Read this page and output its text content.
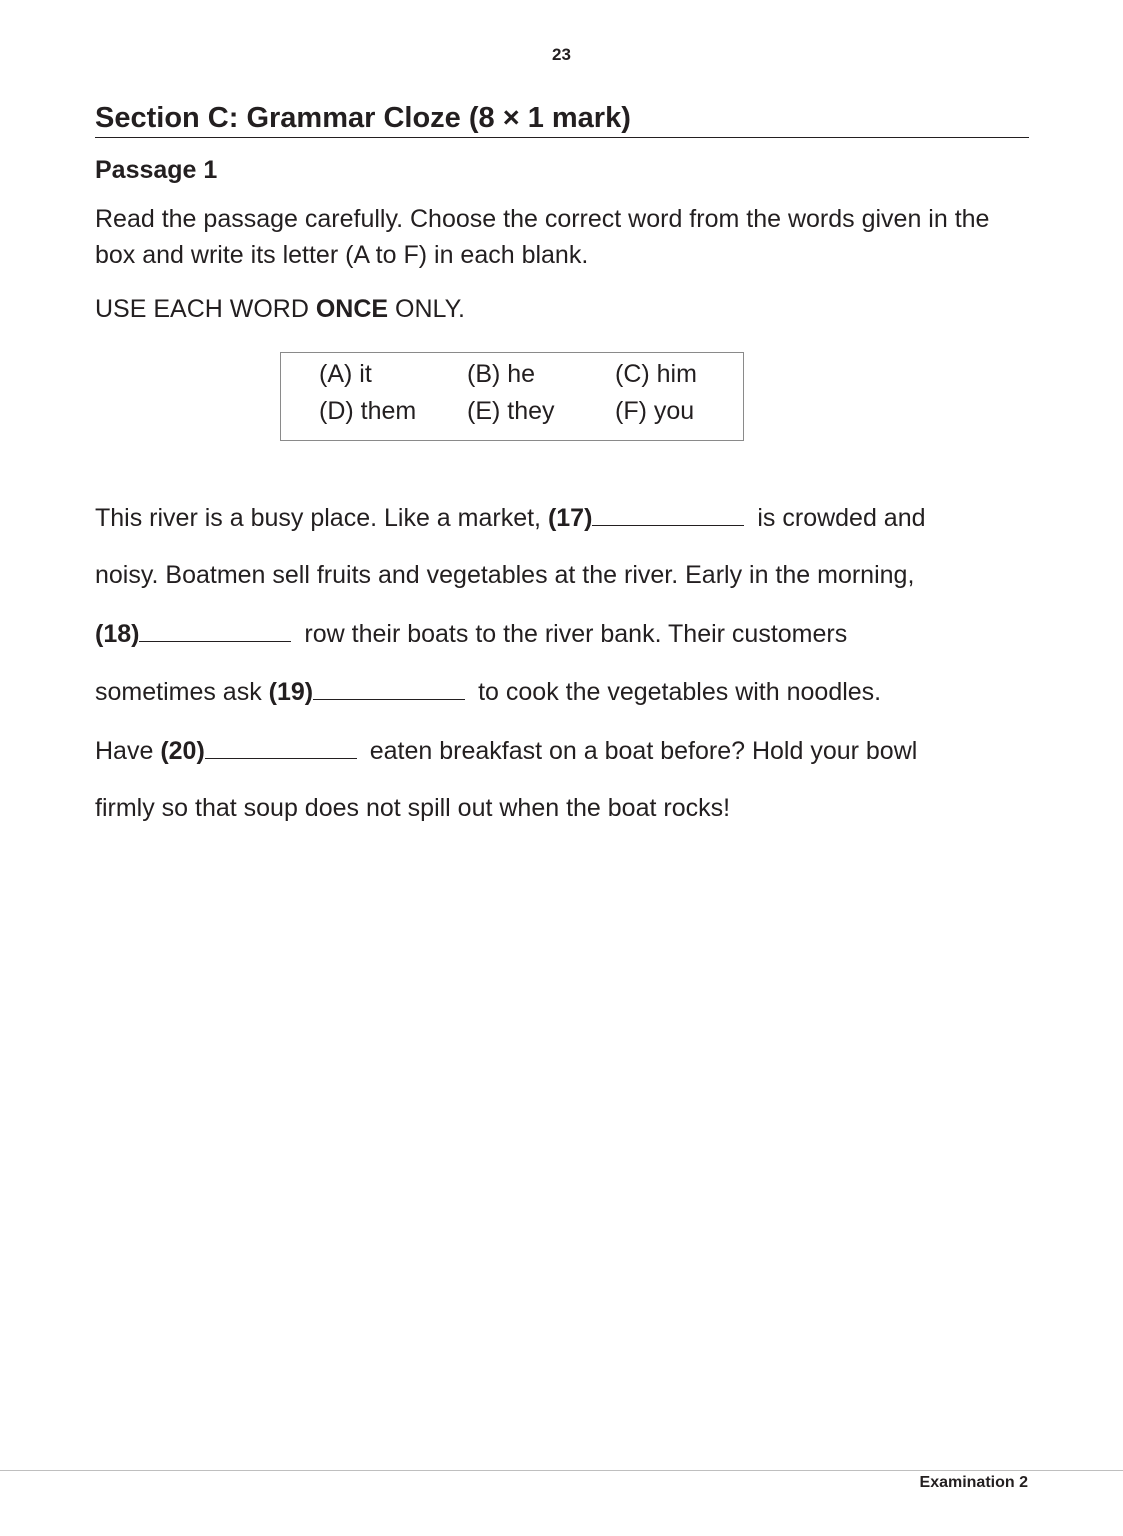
23
Section C: Grammar Cloze (8 × 1 mark)
Passage 1
Read the passage carefully. Choose the correct word from the words given in the box and write its letter (A to F) in each blank.
USE EACH WORD ONCE ONLY.
(A) it	(B) he	(C) him
(D) them (E) they (F) you
This river is a busy place. Like a market, (17)	is crowded and
noisy. Boatmen sell fruits and vegetables at the river. Early in the morning,
(18)	row their boats to the river bank. Their customers
sometimes ask (19)	to cook the vegetables with noodles.
Have (20)	eaten breakfast on a boat before? Hold your bowl
firmly so that soup does not spill out when the boat rocks!
Examination 2
